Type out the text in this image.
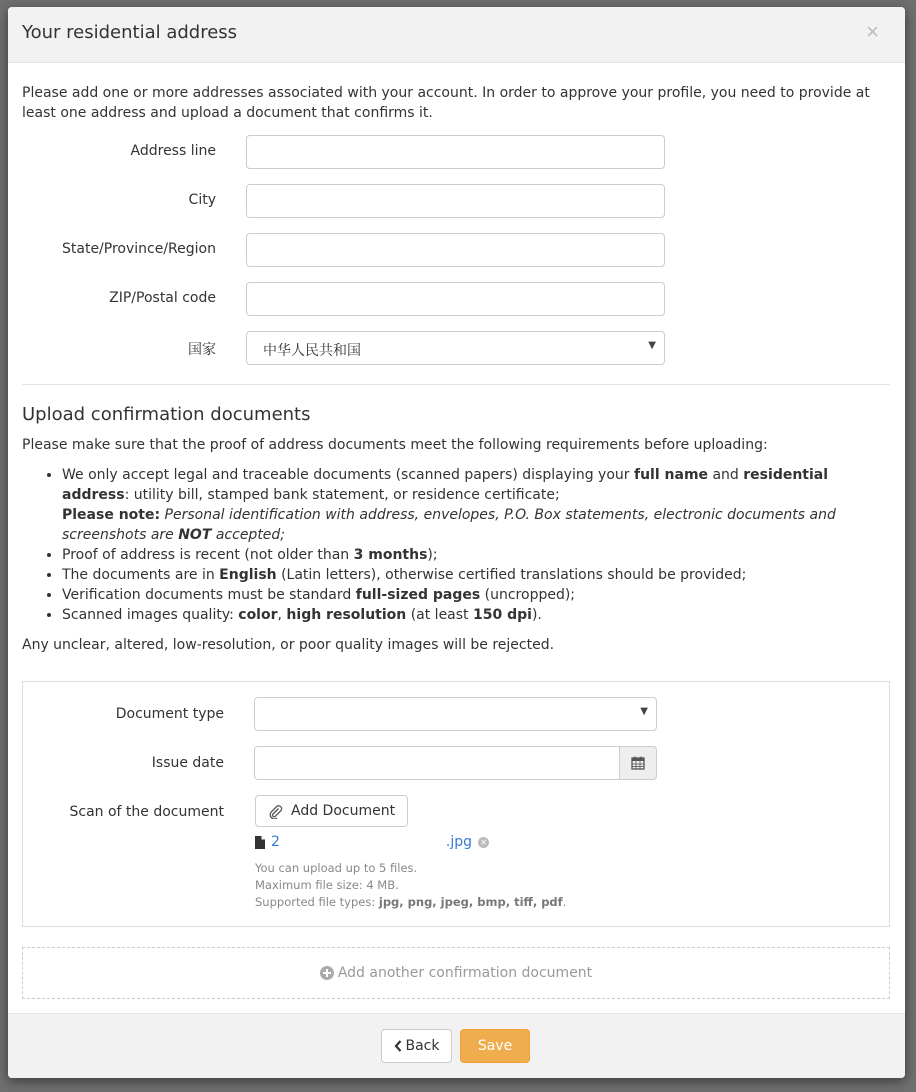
Your residential address	×

Please add one or more addresses associated with your account. In order to approve your profile, you need to provide at least one address and upload a document that confirms it.

Address line
City
State/Province/Region
ZIP/Postal code
国家	中华人民共和国	▼
Upload confirmation documents

Please make sure that the proof of address documents meet the following requirements before uploading:

• We only accept legal and traceable documents (scanned papers) displaying your full name and residential address: utility bill, stamped bank statement, or residence certificate;
Please note: Personal identification with address, envelopes, P.O. Box statements, electronic documents and screenshots are NOT accepted;
• Proof of address is recent (not older than 3 months);
• The documents are in English (Latin letters), otherwise certified translations should be provided;
• Verification documents must be standard full-sized pages (uncropped);
• Scanned images quality: color, high resolution (at least 150 dpi).

Any unclear, altered, low-resolution, or poor quality images will be rejected.

Document type	▼
Issue date
Scan of the document	Add Document
2	.jpg ✕
You can upload up to 5 files.
Maximum file size: 4 MB.
Supported file types: jpg, png, jpeg, bmp, tiff, pdf.
Add another confirmation document
Back	Save
